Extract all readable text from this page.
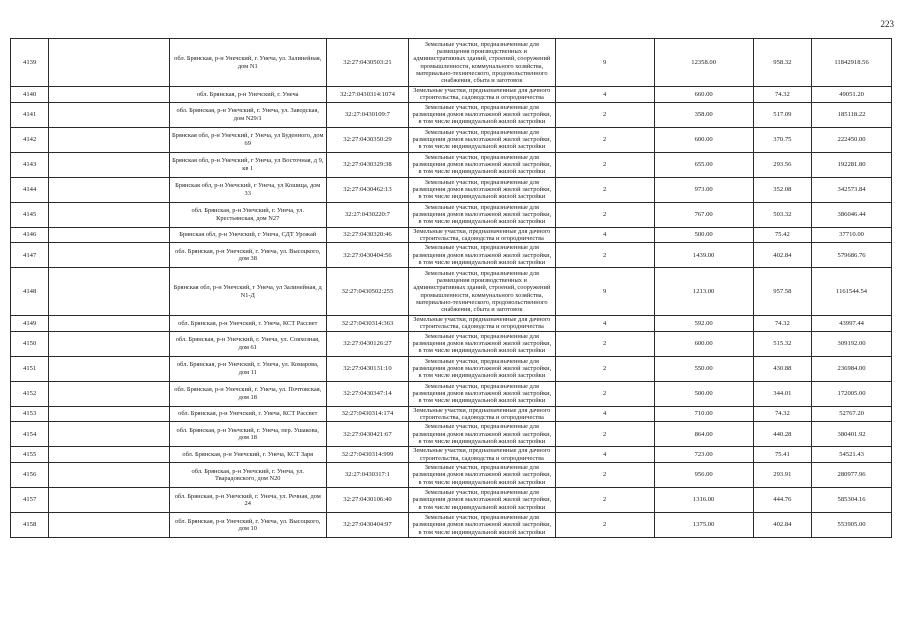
223
4139		обл. Брянская, р-н Унечский, г. Унеча, ул. Залинейная, дом N1	32:27:0430503:21	Земельные участки, предназначенные для размещения производственных и административных зданий, строений, сооружений промышленности, коммунального хозяйства, материально-технического, продовольственного снабжения, сбыта и заготовок	9	12358.00	958.32	11842918.56
4140		обл. Брянская, р-н Унечский, г. Унеча	32:27:0430314:1074	Земельные участки, предназначенные для дачного строительства, садоводства и огородничества	4	660.00	74.32	49051.20
4141		обл. Брянская, р-н Унечский, г. Унеча, ул. Заводская, дом N29/1	32:27:0430109:7	Земельные участки, предназначенные для размещения домов малоэтажной жилой застройки, в том числе индивидуальной жилой застройки	2	358.00	517.09	185118.22
4142		Брянская обл, р-н Унечский, г Унеча, ул Буденного, дом 69	32:27:0430350:29	Земельные участки, предназначенные для размещения домов малоэтажной жилой застройки, в том числе индивидуальной жилой застройки	2	600.00	370.75	222450.00
4143		Брянская обл, р-н Унечский, г Унеча, ул Восточная, д 9, кв 1	32:27:0430329:38	Земельные участки, предназначенные для размещения домов малоэтажной жилой застройки, в том числе индивидуальной жилой застройки	2	655.00	293.56	192281.80
4144		Брянская обл, р-н Унечский, г Унеча, ул Кошица, дом 33	32:27:0430462:13	Земельные участки, предназначенные для размещения домов малоэтажной жилой застройки, в том числе индивидуальной жилой застройки	2	973.00	352.08	342573.84
4145		обл. Брянская, р-н Унечский, г. Унеча, ул. Крестьянская, дом N27	32:27:0430220:7	Земельные участки, предназначенные для размещения домов малоэтажной жилой застройки, в том числе индивидуальной жилой застройки	2	767.00	503.32	386046.44
4146		Брянская обл, р-н Унечский, г Унеча, СДТ Урожай	32:27:0430320:46	Земельные участки, предназначенные для дачного строительства, садоводства и огородничества	4	500.00	75.42	37710.00
4147		обл. Брянская, р-н Унечский, г. Унеча, ул. Высоцкого, дом 38	32:27:0430404:56	Земельные участки, предназначенные для размещения домов малоэтажной жилой застройки, в том числе индивидуальной жилой застройки	2	1439.00	402.84	579686.76
4148		Брянская обл, р-н Унечский, г Унеча, ул Залинейная, д N1-Д	32:27:0430502:255	Земельные участки, предназначенные для размещения производственных и административных зданий, строений, сооружений промышленности, коммунального хозяйства, материально-технического, продовольственного снабжения, сбыта и заготовок	9	1213.00	957.58	1161544.54
4149		обл. Брянская, р-н Унечский, г. Унеча, КСТ Рассвет	32:27:0430314:363	Земельные участки, предназначенные для дачного строительства, садоводства и огородничества	4	592.00	74.32	43997.44
4150		обл. Брянская, р-н Унечский, г. Унеча, ул. Совхозная, дом 61	32:27:0430126:27	Земельные участки, предназначенные для размещения домов малоэтажной жилой застройки, в том числе индивидуальной жилой застройки	2	600.00	515.32	309192.00
4151		обл. Брянская, р-н Унечский, г. Унеча, ул. Комарова, дом 11	32:27:0430131:10	Земельные участки, предназначенные для размещения домов малоэтажной жилой застройки, в том числе индивидуальной жилой застройки	2	550.00	430.88	236984.00
4152		обл. Брянская, р-н Унечский, г. Унеча, ул. Почтовская, дом 18	32:27:0430347:14	Земельные участки, предназначенные для размещения домов малоэтажной жилой застройки, в том числе индивидуальной жилой застройки	2	500.00	344.01	172005.00
4153		обл. Брянская, р-н Унечский, г. Унеча, КСТ Рассвет	32:27:0430314:174	Земельные участки, предназначенные для дачного строительства, садоводства и огородничества	4	710.00	74.32	52767.20
4154		обл. Брянская, р-н Унечский, г. Унеча, пер. Ушакова, дом 18	32:27:0430421:67	Земельные участки, предназначенные для размещения домов малоэтажной жилой застройки, в том числе индивидуальной жилой застройки	2	864.00	440.28	380401.92
4155		обл. Брянская, р-н Унечский, г. Унеча, КСТ Заря	32:27:0430314:999	Земельные участки, предназначенные для дачного строительства, садоводства и огородничества	4	723.00	75.41	54521.43
4156		обл. Брянская, р-н Унечский, г. Унеча, ул. Тварадовского, дом N20	32:27:0430317:1	Земельные участки, предназначенные для размещения домов малоэтажной жилой застройки, в том числе индивидуальной жилой застройки	2	956.00	293.91	280977.96
4157		обл. Брянская, р-н Унечский, г. Унеча, ул. Речная, дом 24	32:27:0430106:40	Земельные участки, предназначенные для размещения домов малоэтажной жилой застройки, в том числе индивидуальной жилой застройки	2	1316.00	444.76	585304.16
4158		обл. Брянская, р-н Унечский, г. Унеча, ул. Высоцкого, дом 10	32:27:0430404:97	Земельные участки, предназначенные для размещения домов малоэтажной жилой застройки, в том числе индивидуальной жилой застройки	2	1375.00	402.84	553905.00
